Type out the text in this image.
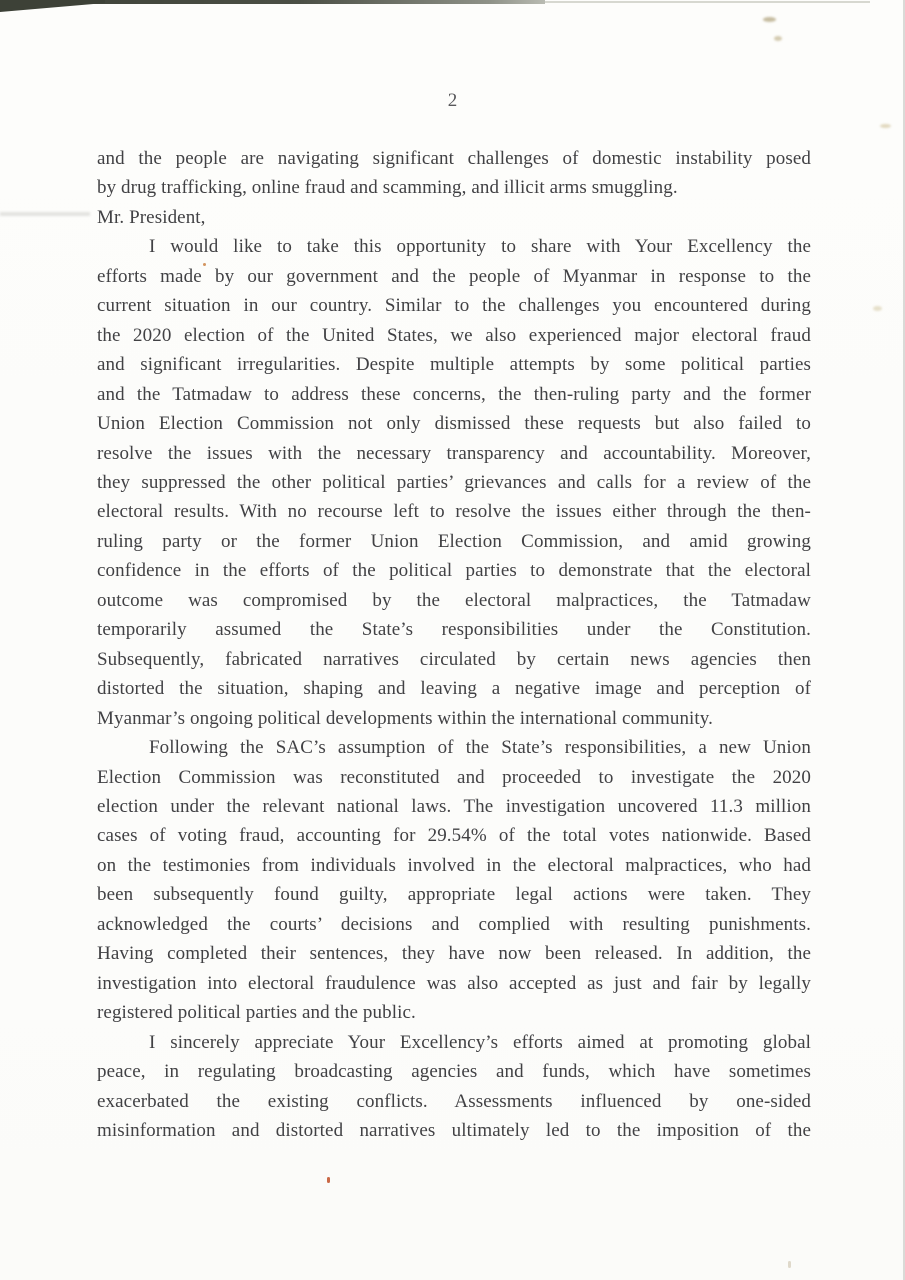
2
and the people are navigating significant challenges of domestic instability posed
by drug trafficking, online fraud and scamming, and illicit arms smuggling.
Mr. President,
I would like to take this opportunity to share with Your Excellency the
efforts made by our government and the people of Myanmar in response to the
current situation in our country. Similar to the challenges you encountered during
the 2020 election of the United States, we also experienced major electoral fraud
and significant irregularities. Despite multiple attempts by some political parties
and the Tatmadaw to address these concerns, the then-ruling party and the former
Union Election Commission not only dismissed these requests but also failed to
resolve the issues with the necessary transparency and accountability. Moreover,
they suppressed the other political parties’ grievances and calls for a review of the
electoral results. With no recourse left to resolve the issues either through the then-
ruling party or the former Union Election Commission, and amid growing
confidence in the efforts of the political parties to demonstrate that the electoral
outcome was compromised by the electoral malpractices, the Tatmadaw
temporarily assumed the State’s responsibilities under the Constitution.
Subsequently, fabricated narratives circulated by certain news agencies then
distorted the situation, shaping and leaving a negative image and perception of
Myanmar’s ongoing political developments within the international community.
Following the SAC’s assumption of the State’s responsibilities, a new Union
Election Commission was reconstituted and proceeded to investigate the 2020
election under the relevant national laws. The investigation uncovered 11.3 million
cases of voting fraud, accounting for 29.54% of the total votes nationwide. Based
on the testimonies from individuals involved in the electoral malpractices, who had
been subsequently found guilty, appropriate legal actions were taken. They
acknowledged the courts’ decisions and complied with resulting punishments.
Having completed their sentences, they have now been released. In addition, the
investigation into electoral fraudulence was also accepted as just and fair by legally
registered political parties and the public.
I sincerely appreciate Your Excellency’s efforts aimed at promoting global
peace, in regulating broadcasting agencies and funds, which have sometimes
exacerbated the existing conflicts. Assessments influenced by one-sided
misinformation and distorted narratives ultimately led to the imposition of the
